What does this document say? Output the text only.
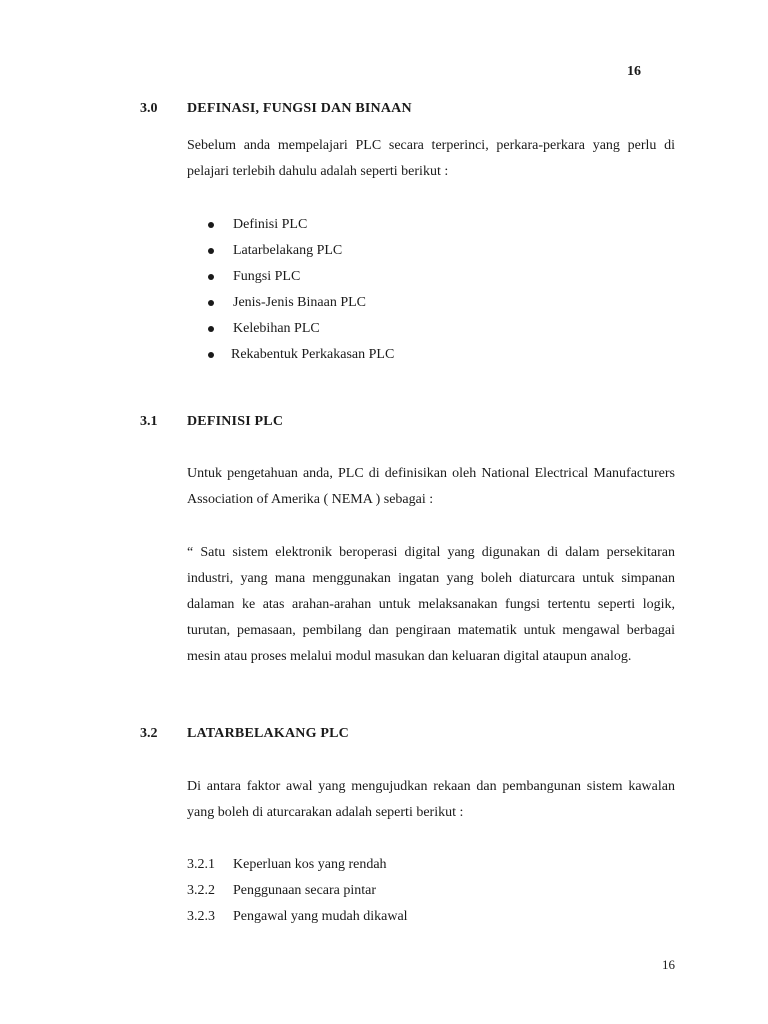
16
3.0 DEFINASI, FUNGSI DAN BINAAN
Sebelum anda mempelajari PLC secara terperinci, perkara-perkara yang perlu di pelajari terlebih dahulu adalah seperti berikut :
Definisi PLC
Latarbelakang PLC
Fungsi PLC
Jenis-Jenis Binaan PLC
Kelebihan PLC
Rekabentuk Perkakasan PLC
3.1 DEFINISI PLC
Untuk pengetahuan anda, PLC di definisikan oleh National Electrical Manufacturers Association of Amerika ( NEMA ) sebagai :
“ Satu sistem elektronik beroperasi digital yang digunakan di dalam persekitaran industri, yang mana menggunakan ingatan yang boleh diaturcara untuk simpanan dalaman ke atas arahan-arahan untuk melaksanakan fungsi tertentu seperti logik, turutan, pemasaan, pembilang dan pengiraan matematik untuk mengawal berbagai mesin atau proses melalui modul masukan dan keluaran digital ataupun analog.
3.2 LATARBELAKANG PLC
Di antara faktor awal yang mengujudkan rekaan dan pembangunan sistem kawalan yang boleh di aturcarakan adalah seperti berikut :
3.2.1	Keperluan kos yang rendah
3.2.2	Penggunaan secara pintar
3.2.3	Pengawal yang mudah dikawal
16
